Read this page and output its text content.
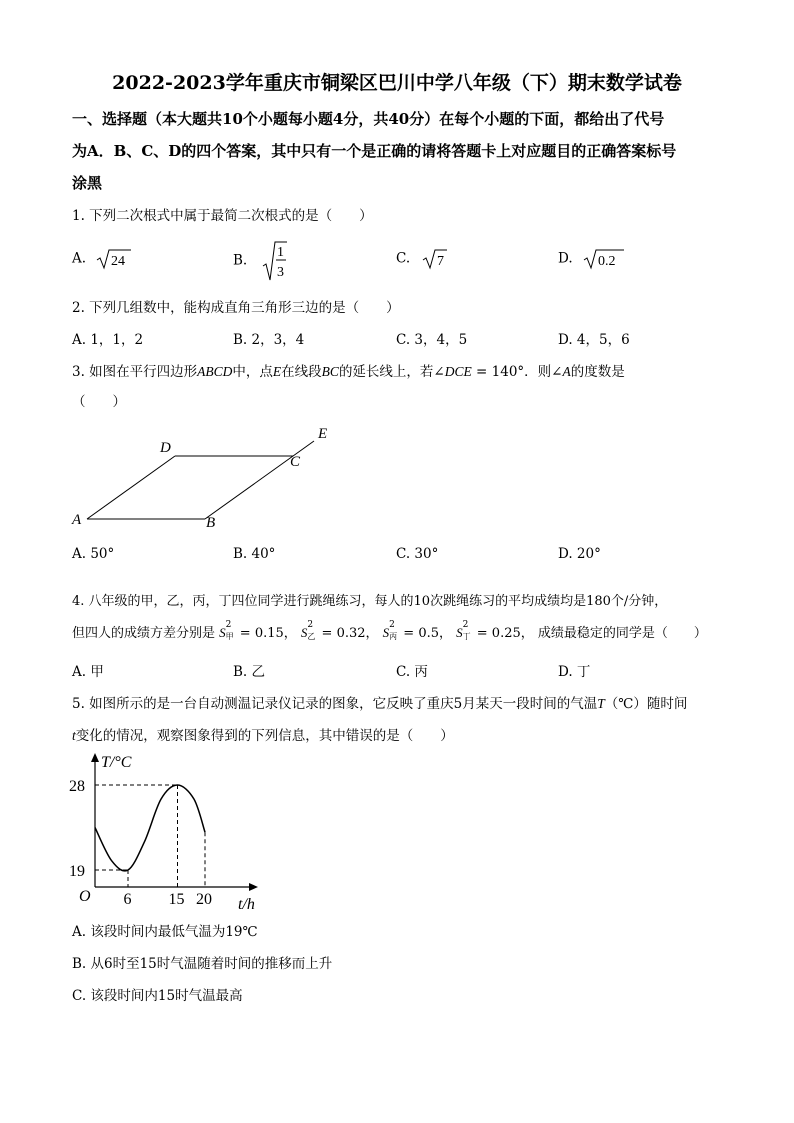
2022-2023学年重庆市铜梁区巴川中学八年级（下）期末数学试卷
一、选择题（本大题共10个小题每小题4分，共40分）在每个小题的下面，都给出了代号
为A．B、C、D的四个答案，其中只有一个是正确的请将答题卡上对应题目的正确答案标号
涂黑
1. 下列二次根式中属于最简二次根式的是（　　）
A. 24	B. 1
3
C. 7	D. 0.2
2. 下列几组数中，能构成直角三角形三边的是（　　）
A. 1，1，2	B. 2，3，4	C. 3，4，5	D. 4，5，6
3. 如图在平行四边形ABCD中，点E在线段BC的延长线上，若∠DCE = 140°．则∠A的度数是
（　　）
A	B
C
D
E
A. 50°	B. 40°	C. 30°	D. 20°
4. 八年级的甲，乙，丙，丁四位同学进行跳绳练习，每人的10次跳绳练习的平均成绩均是180个/分钟，
但四人的成绩方差分别是 S
2
甲 = 0.15， S
2
乙 = 0.32， S
2
丙 = 0.5， S
2
丁 = 0.25， 成绩最稳定的同学是（　　）
A. 甲	B. 乙	C. 丙	D. 丁
5. 如图所示的是一台自动测温记录仪记录的图象，它反映了重庆5月某天一段时间的气温T（℃）随时间
t变化的情况，观察图象得到的下列信息，其中错误的是（　　）
T/°C
t/h
O 6 15 20
19
28
A. 该段时间内最低气温为19℃
B. 从6时至15时气温随着时间的推移而上升
C. 该段时间内15时气温最高
